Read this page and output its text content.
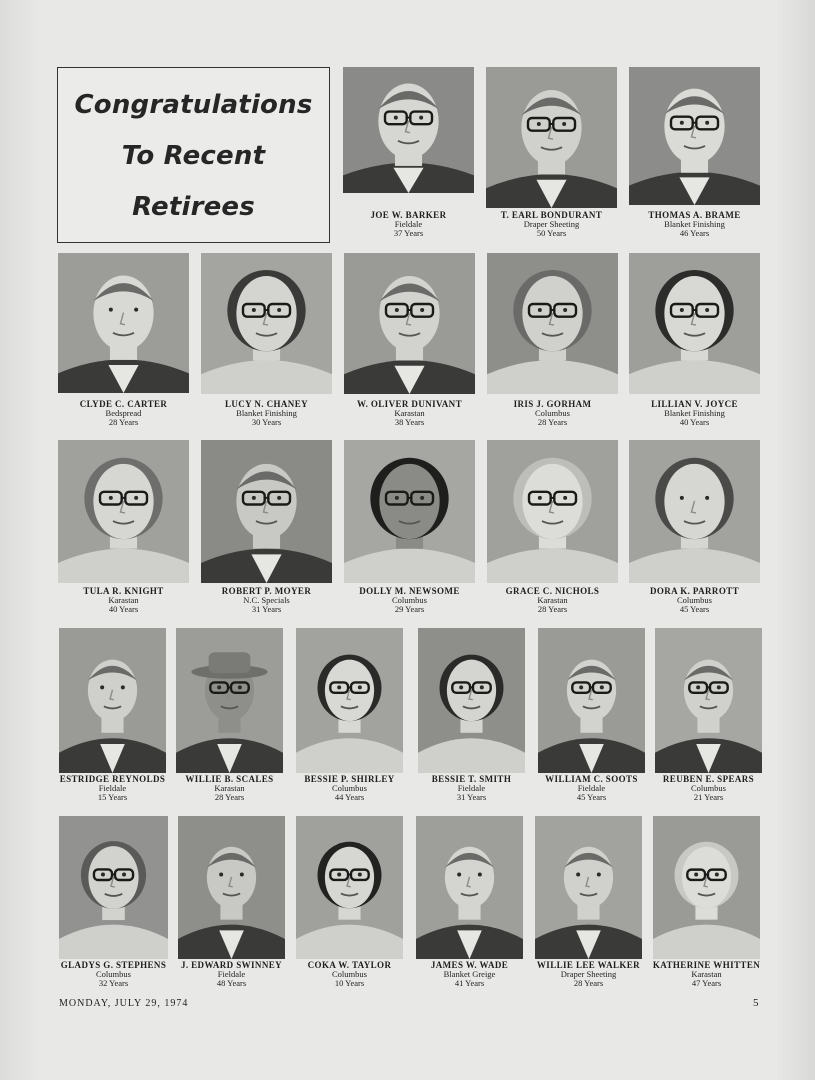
Congratulations
To Recent
Retirees	JOE W. BARKER
Fieldale
37 Years
T. EARL BONDURANT
Draper Sheeting
50 Years
THOMAS A. BRAME
Blanket Finishing
46 Years
CLYDE C. CARTER
Bedspread
28 Years
LUCY N. CHANEY
Blanket Finishing
30 Years
W. OLIVER DUNIVANT
Karastan
38 Years
IRIS J. GORHAM
Columbus
28 Years
LILLIAN V. JOYCE
Blanket Finishing
40 Years
TULA R. KNIGHT
Karastan
40 Years
ROBERT P. MOYER
N.C. Specials
31 Years
DOLLY M. NEWSOME
Columbus
29 Years
GRACE C. NICHOLS
Karastan
28 Years
DORA K. PARROTT
Columbus
45 Years
ESTRIDGE REYNOLDS
Fieldale
15 Years
WILLIE B. SCALES
Karastan
28 Years
BESSIE P. SHIRLEY
Columbus
44 Years
BESSIE T. SMITH
Fieldale
31 Years
WILLIAM C. SOOTS
Fieldale
45 Years
REUBEN E. SPEARS
Columbus
21 Years
GLADYS G. STEPHENS
Columbus
32 Years
J. EDWARD SWINNEY
Fieldale
48 Years
COKA W. TAYLOR
Columbus
10 Years
JAMES W. WADE
Blanket Greige
41 Years
WILLIE LEE WALKER
Draper Sheeting
28 Years
KATHERINE WHITTEN
Karastan
47 Years
MONDAY, JULY 29, 1974	5
